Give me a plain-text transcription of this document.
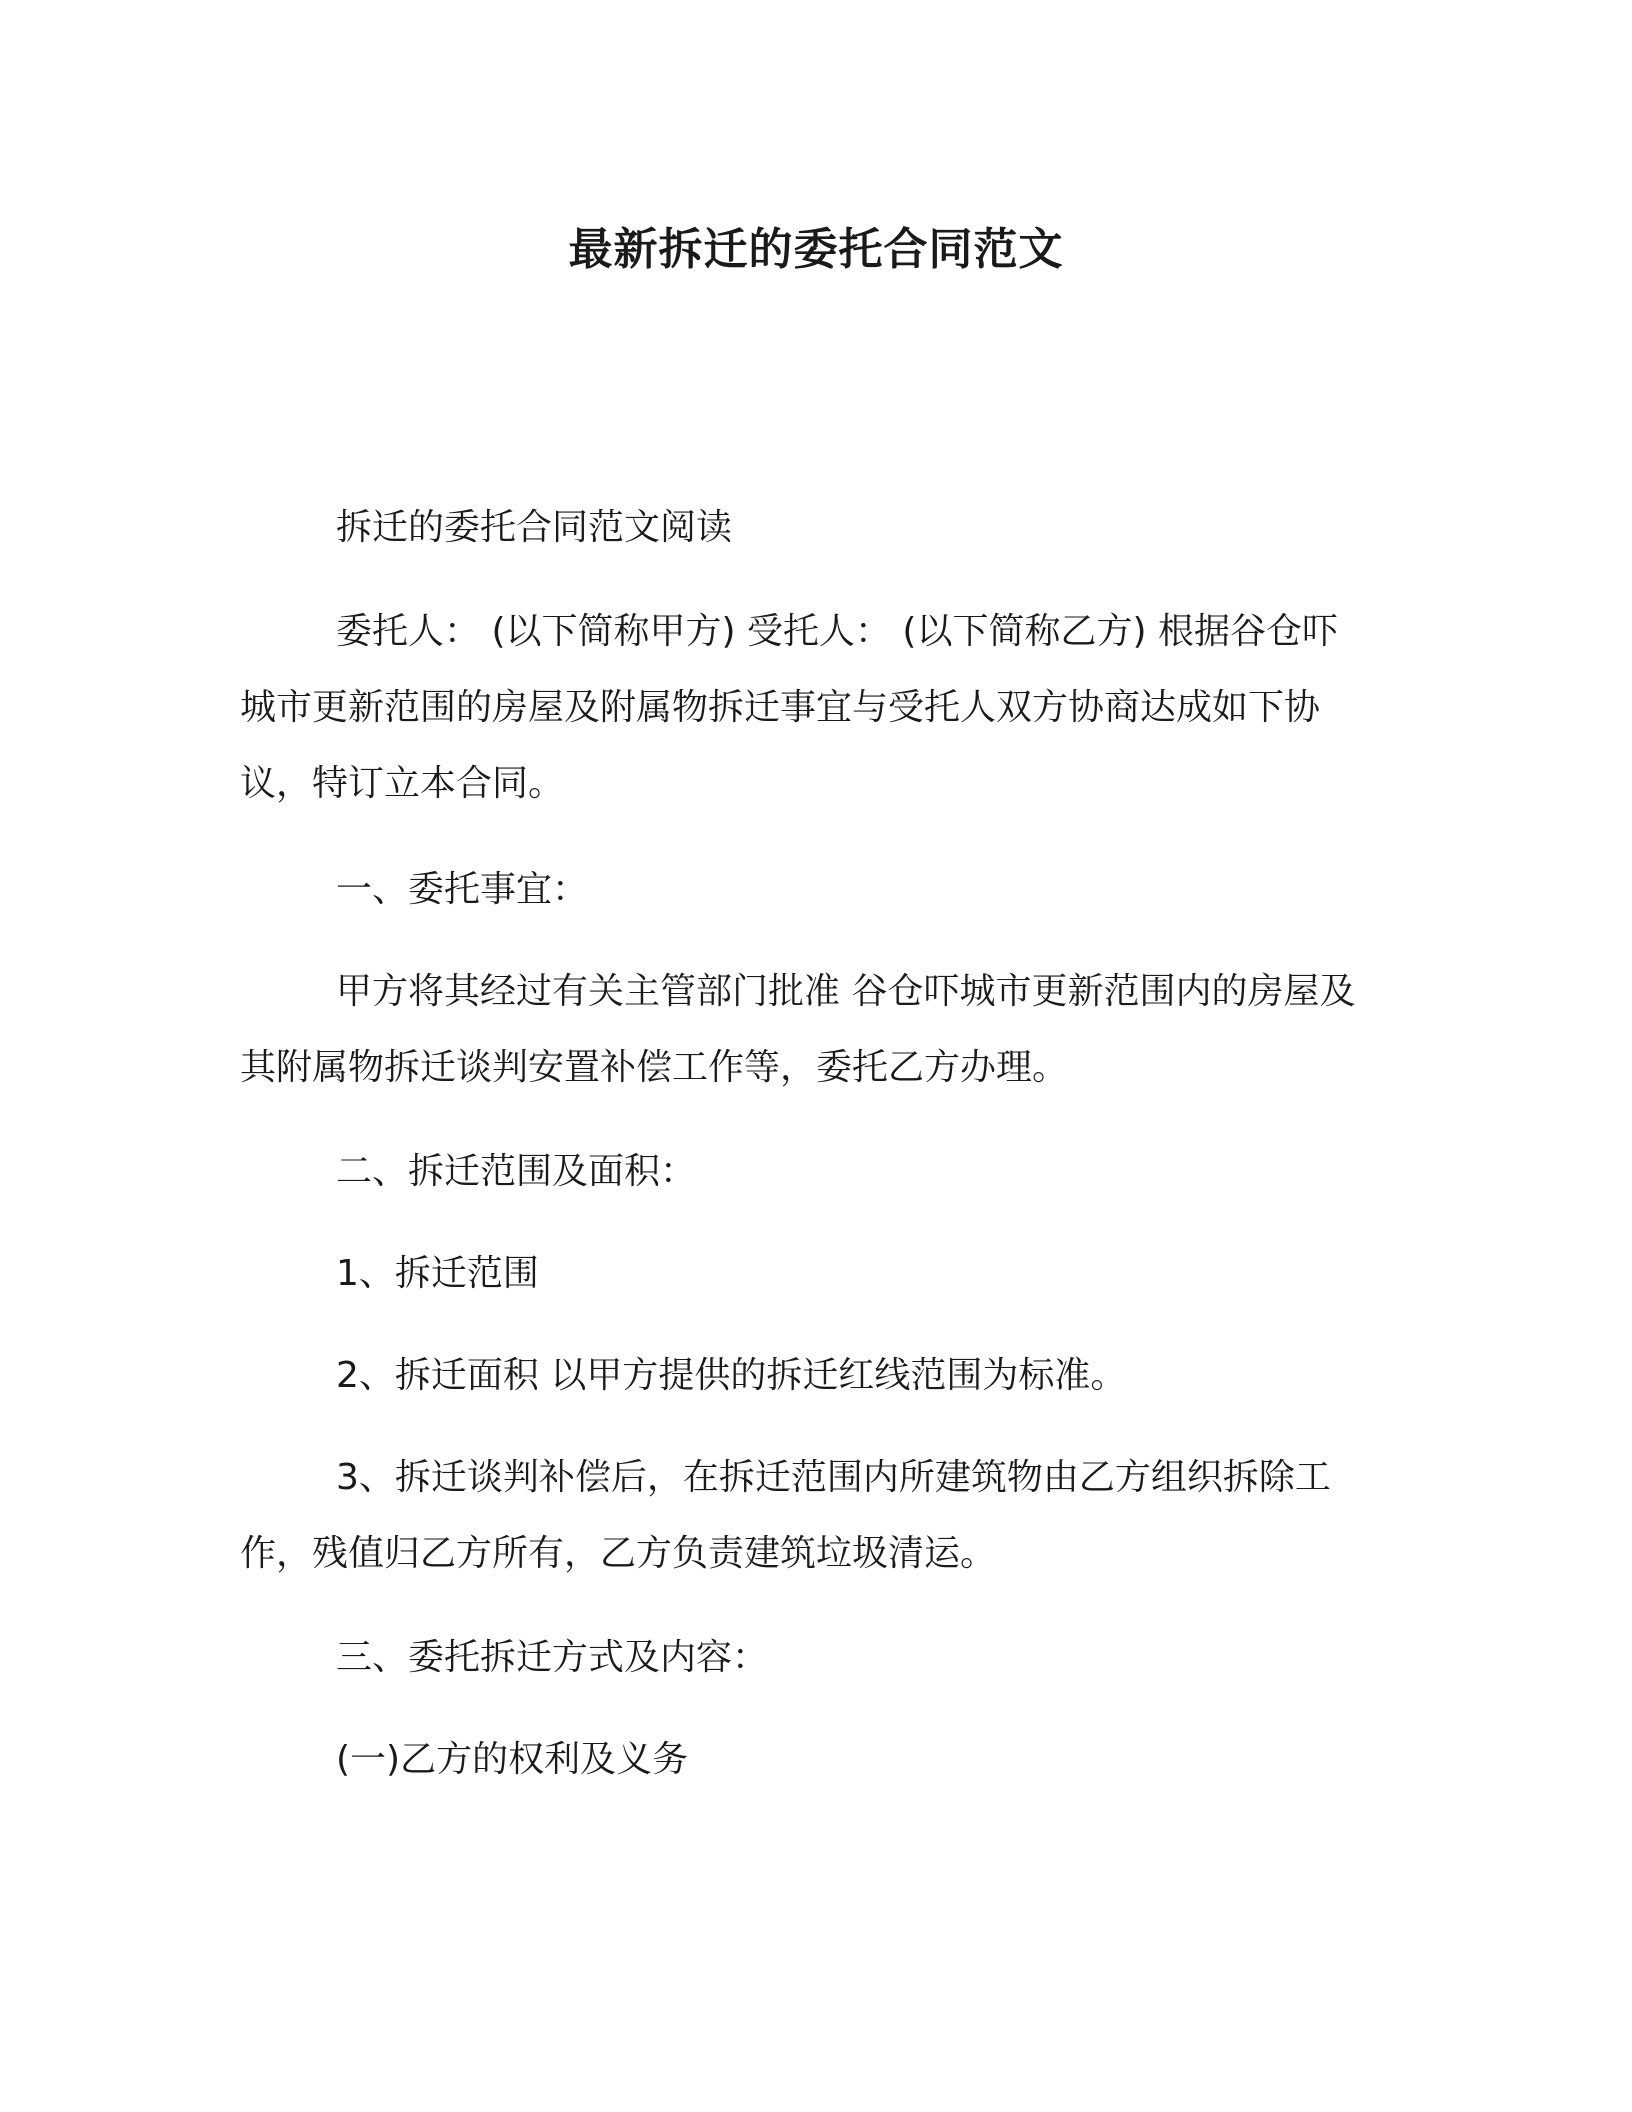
最新拆迁的委托合同范文
拆迁的委托合同范文阅读
委托人： (以下简称甲方) 受托人： (以下简称乙方) 根据谷仓吓
城市更新范围的房屋及附属物拆迁事宜与受托人双方协商达成如下协
议，特订立本合同。
一、委托事宜：
甲方将其经过有关主管部门批准 谷仓吓城市更新范围内的房屋及
其附属物拆迁谈判安置补偿工作等，委托乙方办理。
二、拆迁范围及面积：
1、拆迁范围
2、拆迁面积 以甲方提供的拆迁红线范围为标准。
3、拆迁谈判补偿后，在拆迁范围内所建筑物由乙方组织拆除工
作，残值归乙方所有，乙方负责建筑垃圾清运。
三、委托拆迁方式及内容：
(一)乙方的权利及义务
